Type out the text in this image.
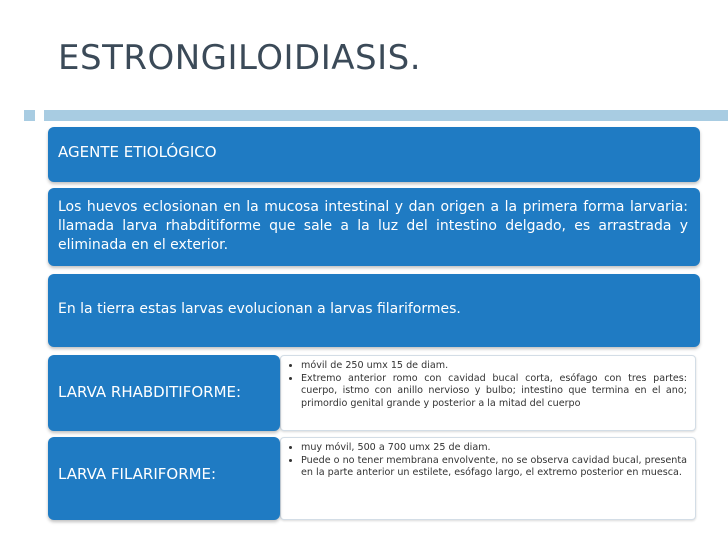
ESTRONGILOIDIASIS.
AGENTE ETIOLÓGICO
Los huevos eclosionan en la mucosa intestinal y dan origen a la primera forma larvaria: llamada larva rhabditiforme que sale a la luz del intestino delgado, es arrastrada y eliminada en el exterior.
En la tierra estas larvas evolucionan a larvas filariformes.
• móvil de 250 umx 15 de diam.
• Extremo anterior romo con cavidad bucal corta, esófago con tres partes: cuerpo, istmo con anillo nervioso y bulbo; intestino que termina en el ano; primordio genital grande y posterior a la mitad del cuerpo
LARVA RHABDITIFORME:
• muy móvil, 500 a 700 umx 25 de diam.
• Puede o no tener membrana envolvente, no se observa cavidad bucal, presenta en la parte anterior un estilete, esófago largo, el extremo posterior en muesca.
LARVA FILARIFORME:
